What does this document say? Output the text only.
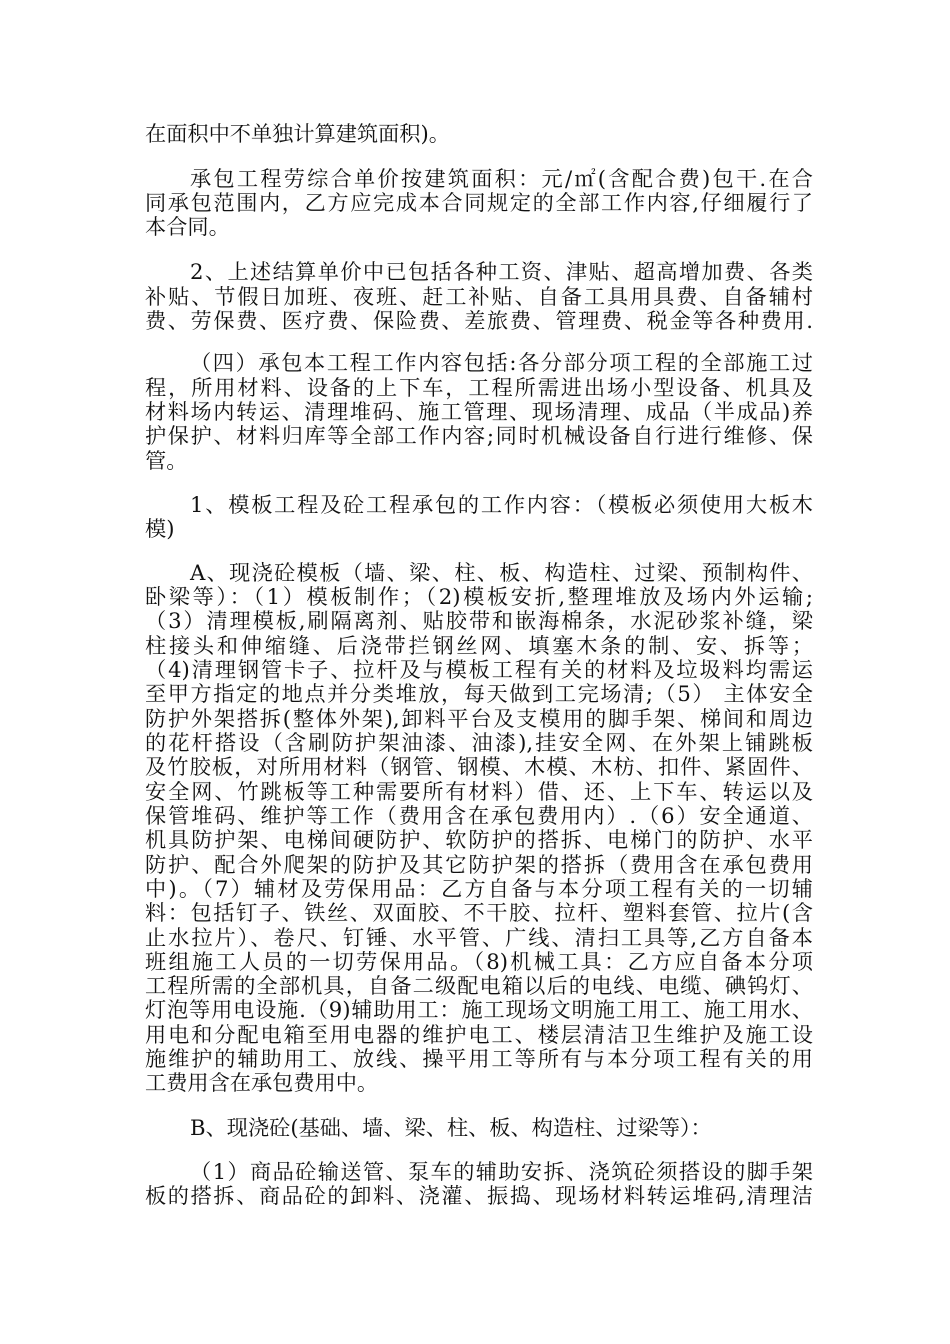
在面积中不单独计算建筑面积)。
承包工程劳综合单价按建筑面积：元/㎡(含配合费)包干.在合
同承包范围内，乙方应完成本合同规定的全部工作内容,仔细履行了
本合同。
2、上述结算单价中已包括各种工资、津贴、超高增加费、各类
补贴、节假日加班、夜班、赶工补贴、自备工具用具费、自备辅村
费、劳保费、医疗费、保险费、差旅费、管理费、税金等各种费用.
（四）承包本工程工作内容包括:各分部分项工程的全部施工过
程，所用材料、设备的上下车，工程所需进出场小型设备、机具及
材料场内转运、清理堆码、施工管理、现场清理、成品（半成品)养
护保护、材料归库等全部工作内容;同时机械设备自行进行维修、保
管。
1、模板工程及砼工程承包的工作内容：（模板必须使用大板木
模)
A、现浇砼模板（墙、梁、柱、板、构造柱、过梁、预制构件、
卧梁等）：（1）模板制作；（2)模板安折,整理堆放及场内外运输;
（3）清理模板,刷隔离剂、贴胶带和嵌海棉条，水泥砂浆补缝，梁
柱接头和伸缩缝、后浇带拦钢丝网、填塞木条的制、安、拆等；
（4)清理钢管卡子、拉杆及与模板工程有关的材料及垃圾料均需运
至甲方指定的地点并分类堆放，每天做到工完场清;（5） 主体安全
防护外架搭拆(整体外架),卸料平台及支模用的脚手架、梯间和周边
的花杆搭设（含刷防护架油漆、油漆),挂安全网、在外架上铺跳板
及竹胶板，对所用材料（钢管、钢模、木模、木枋、扣件、紧固件、
安全网、竹跳板等工种需要所有材料）借、还、上下车、转运以及
保管堆码、维护等工作（费用含在承包费用内）.（6）安全通道、
机具防护架、电梯间硬防护、软防护的搭拆、电梯门的防护、水平
防护、配合外爬架的防护及其它防护架的搭拆（费用含在承包费用
中)。（7）辅材及劳保用品：乙方自备与本分项工程有关的一切辅
料：包括钉子、铁丝、双面胶、不干胶、拉杆、塑料套管、拉片(含
止水拉片）、卷尺、钉锤、水平管、广线、清扫工具等,乙方自备本
班组施工人员的一切劳保用品。（8)机械工具：乙方应自备本分项
工程所需的全部机具，自备二级配电箱以后的电线、电缆、碘钨灯、
灯泡等用电设施.（9)辅助用工：施工现场文明施工用工、施工用水、
用电和分配电箱至用电器的维护电工、楼层清洁卫生维护及施工设
施维护的辅助用工、放线、操平用工等所有与本分项工程有关的用
工费用含在承包费用中。
B、现浇砼(基础、墙、梁、柱、板、构造柱、过梁等）：
（1）商品砼输送管、泵车的辅助安拆、浇筑砼须搭设的脚手架
板的搭拆、商品砼的卸料、浇灌、振捣、现场材料转运堆码,清理洁
